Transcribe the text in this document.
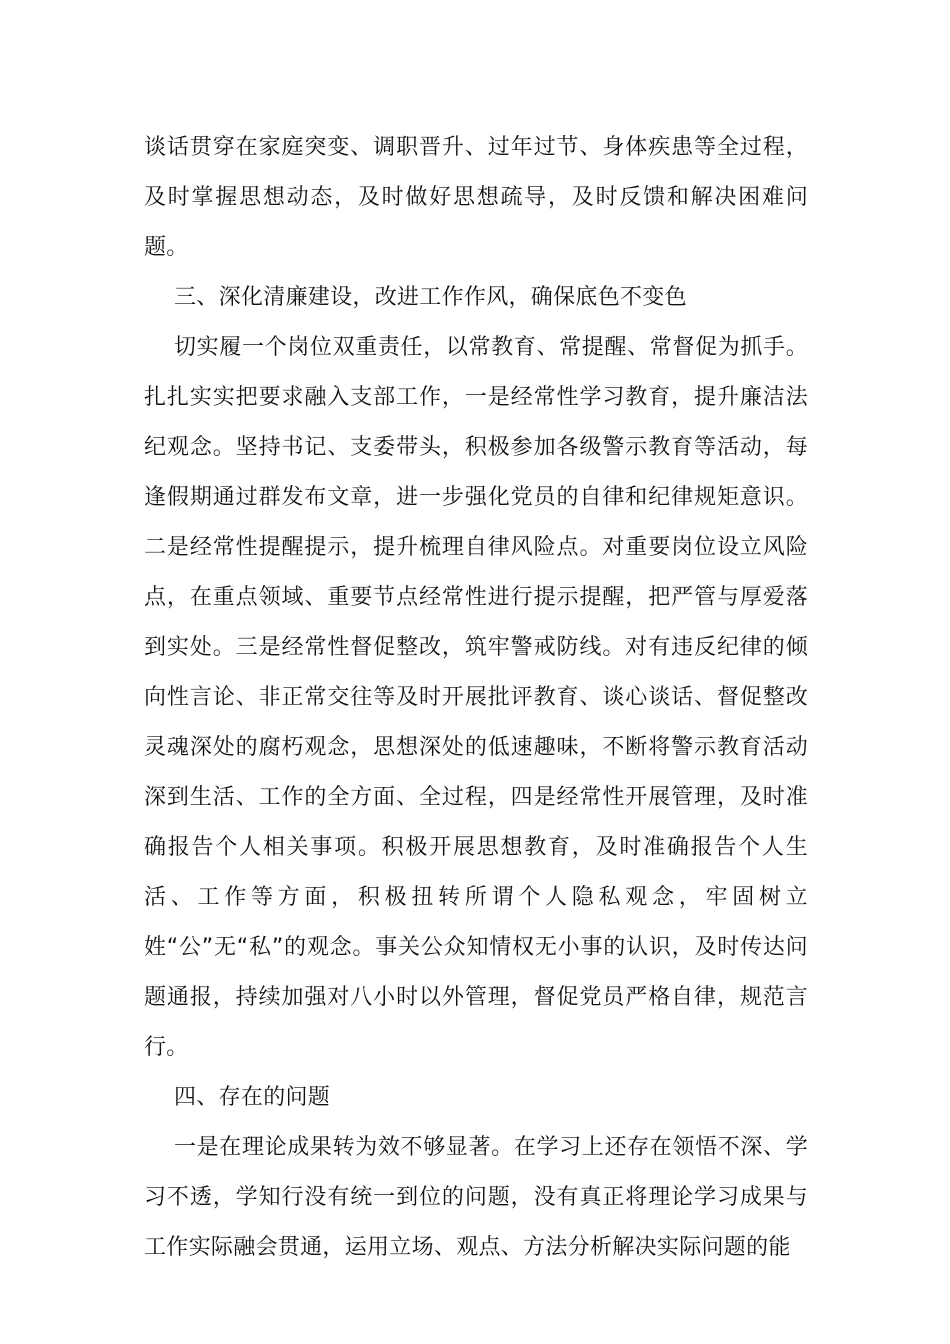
谈话贯穿在家庭突变、调职晋升、过年过节、身体疾患等全过程，及时掌握思想动态，及时做好思想疏导，及时反馈和解决困难问题。

三、深化清廉建设，改进工作作风，确保底色不变色

切实履一个岗位双重责任，以常教育、常提醒、常督促为抓手。扎扎实实把要求融入支部工作，一是经常性学习教育，提升廉洁法纪观念。坚持书记、支委带头，积极参加各级警示教育等活动，每逢假期通过群发布文章，进一步强化党员的自律和纪律规矩意识。二是经常性提醒提示，提升梳理自律风险点。对重要岗位设立风险点，在重点领域、重要节点经常性进行提示提醒，把严管与厚爱落到实处。三是经常性督促整改，筑牢警戒防线。对有违反纪律的倾向性言论、非正常交往等及时开展批评教育、谈心谈话、督促整改灵魂深处的腐朽观念，思想深处的低速趣味，不断将警示教育活动深到生活、工作的全方面、全过程，四是经常性开展管理，及时准确报告个人相关事项。积极开展思想教育，及时准确报告个人生活、工作等方面，积极扭转所谓个人隐私观念，牢固树立姓“公”无“私”的观念。事关公众知情权无小事的认识，及时传达问题通报，持续加强对八小时以外管理，督促党员严格自律，规范言行。

四、存在的问题

一是在理论成果转为效不够显著。在学习上还存在领悟不深、学习不透，学知行没有统一到位的问题，没有真正将理论学习成果与工作实际融会贯通，运用立场、观点、方法分析解决实际问题的能
